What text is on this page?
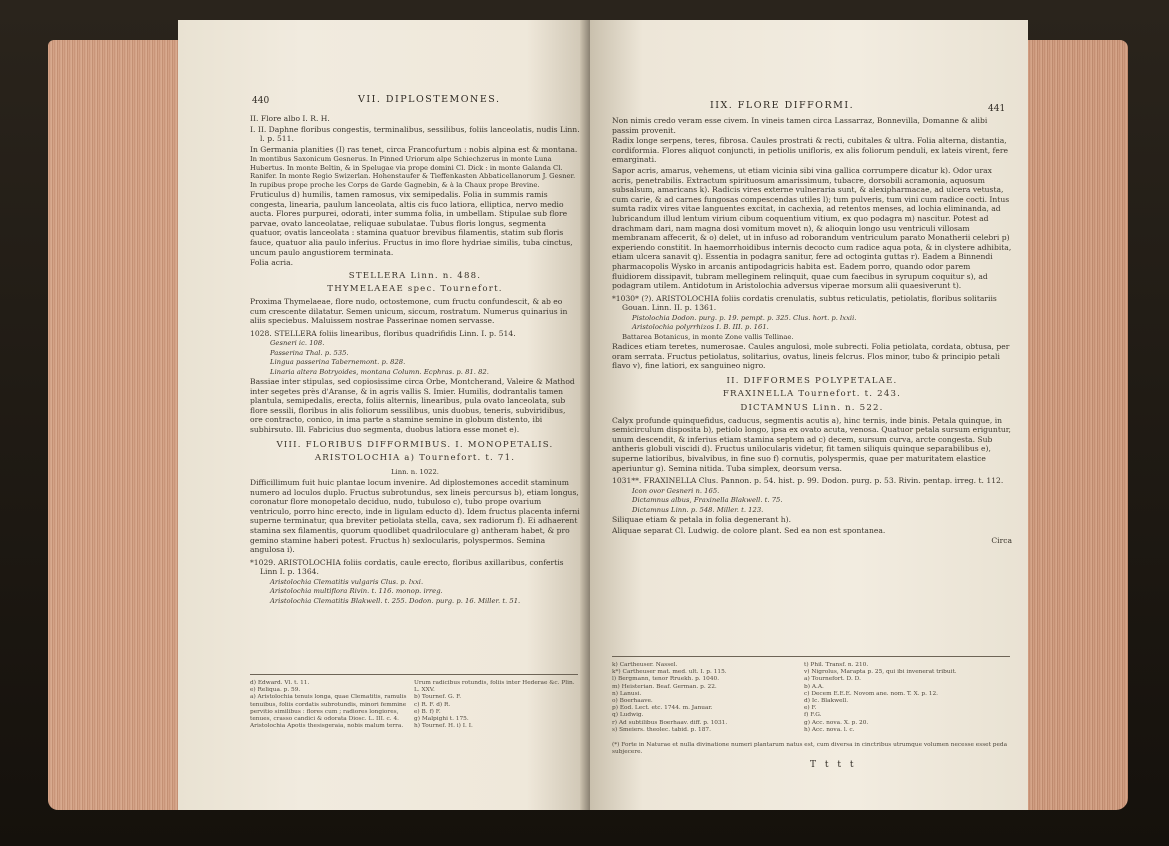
440	VII. DIPLOSTEMONES.

II. Flore albo I. R. H.

I. II. Daphne floribus congestis, terminalibus, sessilibus, foliis lanceolatis, nudis Linn. l. p. 511.

In Germania planities (I) ras tenet, circa Francofurtum : nobis alpina est & montana.

In montibus Saxonicum Gesnerus. In Pinned Uriorum alpe Schiechzerus in monte Luna Hubertus. In monte Beltin, & in Spelugae via prope domini Cl. Dick : in monte Galanda Cl. Ranifer. In monte Regio Swizerlan. Hohenstaufer & Tieffenkasten Abbaticellanorum J. Gesner. In rupibus prope proche les Corps de Garde Gagnebin, & à la Chaux prope Brevine.

Fruticulus d) humilis, tamen ramosus, vix semipedalis. Folia in summis ramis congesta, linearia, paulum lanceolata, altis cis fuco latiora, elliptica, nervo medio aucta. Flores purpurei, odorati, inter summa folia, in umbellam. Stipulae sub flore parvae, ovato lanceolatae, reliquae subulatae. Tubus floris longus, segmenta quatuor, ovatis lanceolata : stamina quatuor brevibus filamentis, statim sub floris fauce, quatuor alia paulo inferius. Fructus in imo flore hydriae similis, tuba cinctus, uncum paulo angustiorem terminata.

Folia acria.

STELLERA Linn. n. 488.

THYMELAEAE spec. Tournefort.

Proxima Thymelaeae, flore nudo, octostemone, cum fructu confundescit, & ab eo cum crescente dilatatur. Semen unicum, siccum, rostratum. Numerus quinarius in aliis speciebus. Maluissem nostrae Passerinae nomen servasse.

1028. STELLERA foliis linearibus, floribus quadrifidis Linn. I. p. 514.

Gesneri ic. 108.

Passerina Thal. p. 535.

Lingua passerina Tabernemont. p. 828.

Linaria altera Botryoides, montana Column. Ecphras. p. 81. 82.

Bassiae inter stipulas, sed copiosissime circa Orbe, Montcherand, Valeire & Mathod inter segetes près d'Aranse, & in agris vallis S. Imier. Humilis, dodrantalis tamen plantula, semipedalis, erecta, foliis alternis, linearibus, pula ovato lanceolata, sub flore sessili, floribus in alis foliorum sessilibus, unis duobus, teneris, subviridibus, ore contracto, conico, in ima parte a stamine semine in globum distento, ibi subhirsuto. Ill. Fabricius duo segmenta, duobus latiora esse monet e).

VIII. FLORIBUS DIFFORMIBUS. I. MONOPETALIS.

ARISTOLOCHIA a) Tournefort. t. 71.

Linn. n. 1022.

Difficillimum fuit huic plantae locum invenire. Ad diplostemones accedit staminum numero ad loculos duplo. Fructus subrotundus, sex lineis percursus b), etiam longus, coronatur flore monopetalo deciduo, nudo, tubuloso c), tubo prope ovarium ventriculo, porro hinc erecto, inde in ligulam educto d). Idem fructus placenta inferni superne terminatur, qua breviter petiolata stella, cava, sex radiorum f). Ei adhaerent stamina sex filamentis, quorum quodlibet quadriloculare g) antheram habet, & pro gemino stamine haberi potest. Fructus h) sexlocularis, polyspermos. Semina angulosa i).

*1029. ARISTOLOCHIA foliis cordatis, caule erecto, floribus axillaribus, confertis Linn I. p. 1364.

Aristolochia Clematitis vulgaris Clus. p. lxxi.

Aristolochia multiflora Rivin. t. 116. monop. irreg.

Aristolochia Clematitis Blakwell. t. 255. Dodon. purg. p. 16. Miller. t. 51.

d) Edward. Vl. t. 11.
e) Reliqua. p. 59.
a) Aristolochia tenuis longa, quae Clematitis, ramulis tenuibus, foliis cordatis subrotundis, minori femmine pervitio similibus : flores cum ; radiores longiores, tenues, crasso candici & odorata Diosc. L. III. c. 4.
Aristolochia Apotis thesisgeraia, nobis malum terra.
Urum radicibus rotundis, foliis inter Hederae &c. Plin. L. XXV.
b) Tournef. G. F.
c) R. F. d) R.
e) B. f) F.
g) Malpighi t. 175.
h) Tournef. H. i) I. I.
IIX. FLORE DIFFORMI.	441

Non nimis credo veram esse civem. In vineis tamen circa Lassarraz, Bonnevilla, Domanne & alibi passim provenit.

Radix longe serpens, teres, fibrosa. Caules prostrati & recti, cubitales & ultra. Folia alterna, distantia, cordiformia. Flores aliquot conjuncti, in petiolis unifloris, ex alis foliorum penduli, ex lateis virent, fere emarginati.

Sapor acris, amarus, vehemens, ut etiam vicinia sibi vina gallica corrumpere dicatur k). Odor urax acris, penetrabilis. Extractum spirituosum amarissimum, tubacre, dorsobili acramonia, aquosum subsalsum, amaricans k). Radicis vires externe vulneraria sunt, & alexipharmacae, ad ulcera vetusta, cum carie, & ad carnes fungosas compescendas utiles l); tum pulveris, tum vini cum radice cocti. Intus sumta radix vires vitae languentes excitat, in cachexia, ad retentos menses, ad lochia eliminanda, ad lubricandum illud lentum virium cibum coquentium vitium, ex quo podagra m) nascitur. Potest ad drachmam dari, nam magna dosi vomitum movet n), & alioquin longo usu ventriculi villosam membranam affecerit, & o) delet, ut in infuso ad roborandum ventriculum parato Monatherii celebri p) experiendo constitit. In haemorrhoidibus internis decocto cum radice aqua pota, & in clystere adhibita, etiam ulcera sanavit q). Essentia in podagra sanitur, fere ad octoginta guttas r). Eadem a Binnendi pharmacopolis Wysko in arcanis antipodagricis habita est. Eadem porro, quando odor parem fluidiorem dissipavit, tubram melleginem relinquit, quae cum faecibus in syrupum coquitur s), ad podagram utilem. Antidotum in Aristolochia adversus viperae morsum alii quaesiverunt t).

*1030* (?). ARISTOLOCHIA foliis cordatis crenulatis, subtus reticulatis, petiolatis, floribus solitariis Gouan. Linn. II. p. 1361.

Pistolochia Dodon. purg. p. 19. pempt. p. 325. Clus. hort. p. lxxii.

Aristolochia polyrrhizos I. B. III. p. 161.

Battarea Botanicus, in monte Zone vallis Tellinae.

Radices etiam teretes, numerosae. Caules angulosi, mole subrecti. Folia petiolata, cordata, obtusa, per oram serrata. Fructus petiolatus, solitarius, ovatus, lineis felcrus. Flos minor, tubo & principio petali flavo v), fine latiori, ex sanguineo nigro.

II. DIFFORMES POLYPETALAE.

FRAXINELLA Tournefort. t. 243.

DICTAMNUS Linn. n. 522.

Calyx profunde quinquefidus, caducus, segmentis acutis a), hinc ternis, inde binis. Petala quinque, in semicirculum disposita b), petiolo longo, ipsa ex ovato acuta, venosa. Quatuor petala sursum eriguntur, unum descendit, & inferius etiam stamina septem ad c) decem, sursum curva, arcte congesta. Sub antheris globuli viscidi d). Fructus unilocularis videtur, fit tamen siliquis quinque separabilibus e), superne latioribus, bivalvibus, in fine suo f) cornutis, polyspermis, quae per maturitatem elastice aperiuntur g). Semina nitida. Tuba simplex, deorsum versa.

1031**. FRAXINELLA Clus. Pannon. p. 54. hist. p. 99. Dodon. purg. p. 53. Rivin. pentap. irreg. t. 112.

Icon ovor Gesneri n. 165.

Dictamnus albus, Fraxinella Blakwell. t. 75.

Dictamnus Linn. p. 548. Miller. t. 123.

Siliquae etiam & petala in folia degenerant h).

Aliquae separat Cl. Ludwig. de colore plant. Sed ea non est spontanea.

Circa

k) Cartheuser. Nassel.
k*) Cartheuser mat. med. ult. I. p. 115.
l) Bergmann, tenor Rruekh. p. 1040.
m) Heisterian. Beaf. German. p. 22.
n) Lanusi.
o) Boerhaave.
p) Eod. Lect. etc. 1744. m. Januar.
q) Ludwig.
r) Ad subtilibus Boerhaav. diff. p. 1031.
s) Smeiers. theolec. tabid. p. 187.
t) Phil. Transf. n. 210.
v) Nigrolus, Marapta p. 25, qui ibi invenerat tribuit.
a) Tournefort. D. D.
b) A.A.
c) Decem E.E.E. Novom ane. nom. T. X. p. 12.
d) Ic. Blakwell.
e) F.
f) F.G.
g) Acc. nova. X. p. 20.
h) Acc. nova. l. c.
(*) Forte in Naturae et nulla divinatione numeri plantarum natus est, cum diversa in cinctribus utrumque volumen necesse esset peda subjecere.
T t t t
